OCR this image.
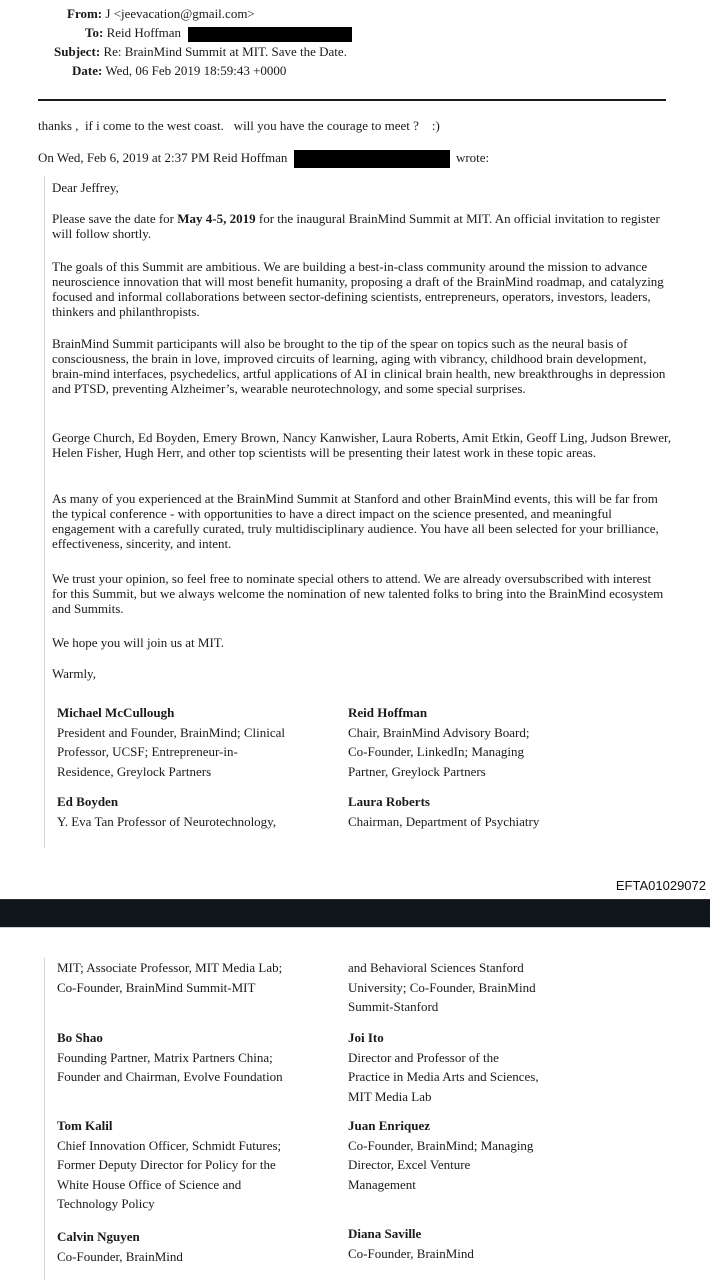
From: J <jeevacation@gmail.com>
To: Reid Hoffman
Subject: Re: BrainMind Summit at MIT. Save the Date.
Date: Wed, 06 Feb 2019 18:59:43 +0000
thanks ,  if i come to the west coast.   will you have the courage to meet ?    :)
On Wed, Feb 6, 2019 at 2:37 PM Reid Hoffman	wrote:
Dear Jeffrey,
Please save the date for May 4-5, 2019 for the inaugural BrainMind Summit at MIT. An official invitation to register will follow shortly.
The goals of this Summit are ambitious. We are building a best-in-class community around the mission to advance neuroscience innovation that will most benefit humanity, proposing a draft of the BrainMind roadmap, and catalyzing focused and informal collaborations between sector-defining scientists, entrepreneurs, operators, investors, leaders, thinkers and philanthropists.
BrainMind Summit participants will also be brought to the tip of the spear on topics such as the neural basis of consciousness, the brain in love, improved circuits of learning, aging with vibrancy, childhood brain development, brain-mind interfaces, psychedelics, artful applications of AI in clinical brain health, new breakthroughs in depression and PTSD, preventing Alzheimer’s, wearable neurotechnology, and some special surprises.
George Church, Ed Boyden, Emery Brown, Nancy Kanwisher, Laura Roberts, Amit Etkin, Geoff Ling, Judson Brewer, Helen Fisher, Hugh Herr, and other top scientists will be presenting their latest work in these topic areas.
As many of you experienced at the BrainMind Summit at Stanford and other BrainMind events, this will be far from the typical conference - with opportunities to have a direct impact on the science presented, and meaningful engagement with a carefully curated, truly multidisciplinary audience. You have all been selected for your brilliance, effectiveness, sincerity, and intent.
We trust your opinion, so feel free to nominate special others to attend. We are already oversubscribed with interest for this Summit, but we always welcome the nomination of new talented folks to bring into the BrainMind ecosystem and Summits.
We hope you will join us at MIT.
Warmly,
Michael McCullough
President and Founder, BrainMind; Clinical
Professor, UCSF; Entrepreneur-in-
Residence, Greylock Partners
Reid Hoffman
Chair, BrainMind Advisory Board;
Co-Founder, LinkedIn; Managing
Partner, Greylock Partners
Ed Boyden
Y. Eva Tan Professor of Neurotechnology,
Laura Roberts
Chairman, Department of Psychiatry
EFTA01029072
MIT; Associate Professor, MIT Media Lab;
Co-Founder, BrainMind Summit-MIT
and Behavioral Sciences Stanford
University; Co-Founder, BrainMind
Summit-Stanford
Bo Shao
Founding Partner, Matrix Partners China;
Founder and Chairman, Evolve Foundation
Joi Ito
Director and Professor of the
Practice in Media Arts and Sciences,
MIT Media Lab
Tom Kalil
Chief Innovation Officer, Schmidt Futures;
Former Deputy Director for Policy for the
White House Office of Science and
Technology Policy
Juan Enriquez
Co-Founder, BrainMind; Managing
Director, Excel Venture
Management
Calvin Nguyen
Co-Founder, BrainMind
Diana Saville
Co-Founder, BrainMind
